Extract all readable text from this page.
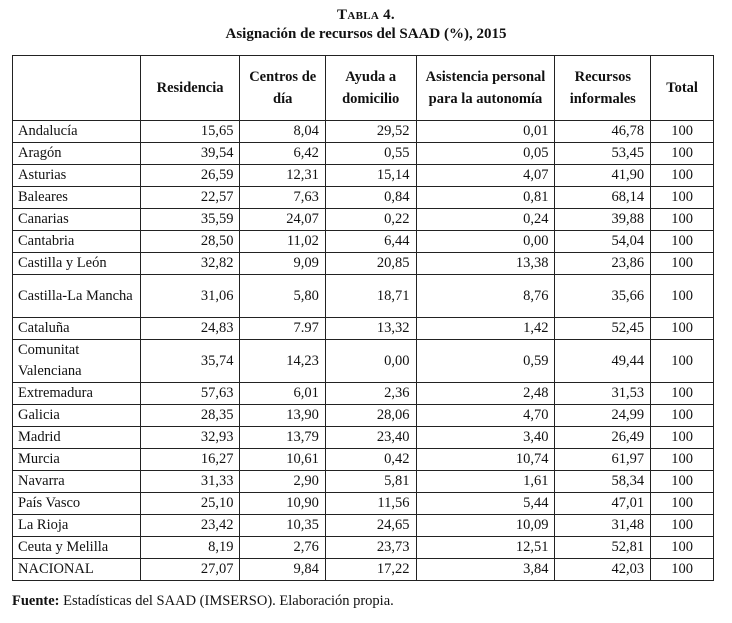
Tabla 4.
Asignación de recursos del SAAD (%), 2015
	Residencia	Centros de día	Ayuda a domicilio	Asistencia personal para la autonomía	Recursos informales	Total
Andalucía	15,65	8,04	29,52	0,01	46,78	100
Aragón	39,54	6,42	0,55	0,05	53,45	100
Asturias	26,59	12,31	15,14	4,07	41,90	100
Baleares	22,57	7,63	0,84	0,81	68,14	100
Canarias	35,59	24,07	0,22	0,24	39,88	100
Cantabria	28,50	11,02	6,44	0,00	54,04	100
Castilla y León	32,82	9,09	20,85	13,38	23,86	100
Castilla-La Mancha	31,06	5,80	18,71	8,76	35,66	100
Cataluña	24,83	7.97	13,32	1,42	52,45	100
Comunitat Valenciana	35,74	14,23	0,00	0,59	49,44	100
Extremadura	57,63	6,01	2,36	2,48	31,53	100
Galicia	28,35	13,90	28,06	4,70	24,99	100
Madrid	32,93	13,79	23,40	3,40	26,49	100
Murcia	16,27	10,61	0,42	10,74	61,97	100
Navarra	31,33	2,90	5,81	1,61	58,34	100
País Vasco	25,10	10,90	11,56	5,44	47,01	100
La Rioja	23,42	10,35	24,65	10,09	31,48	100
Ceuta y Melilla	8,19	2,76	23,73	12,51	52,81	100
NACIONAL	27,07	9,84	17,22	3,84	42,03	100
Fuente: Estadísticas del SAAD (IMSERSO). Elaboración propia.
